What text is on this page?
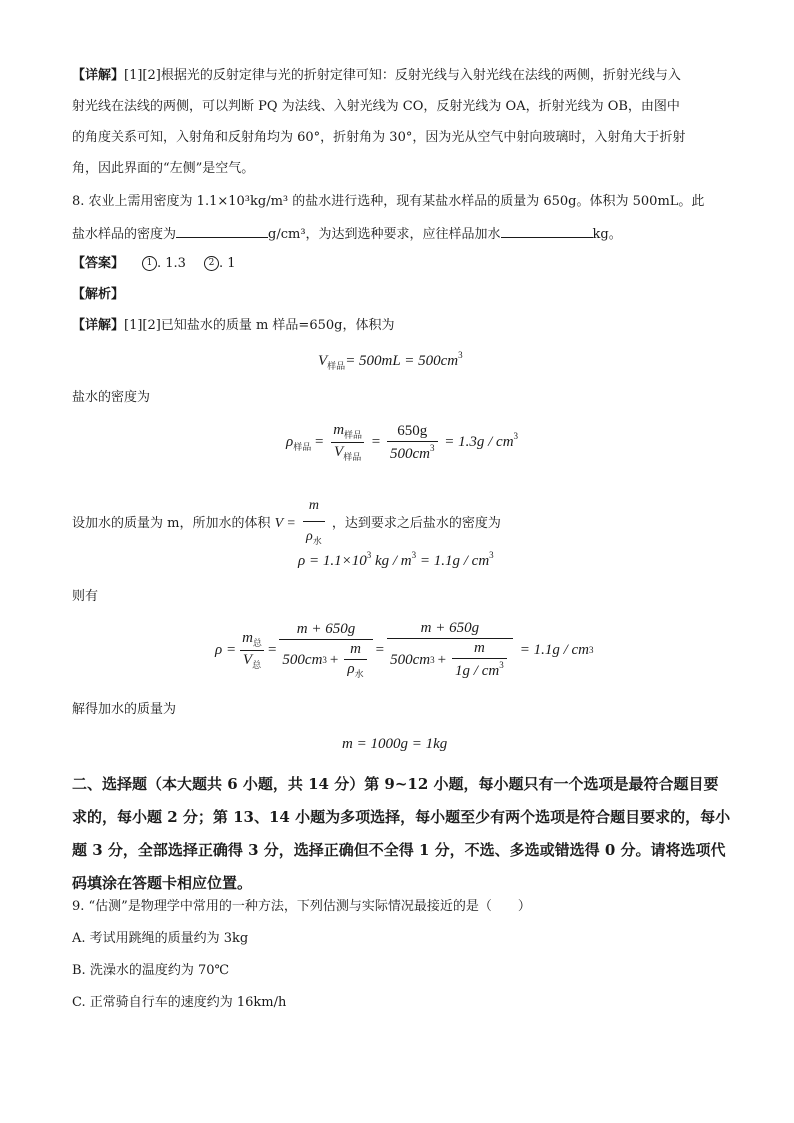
【详解】[1][2]根据光的反射定律与光的折射定律可知：反射光线与入射光线在法线的两侧，折射光线与入
射光线在法线的两侧，可以判断 PQ 为法线、入射光线为 CO，反射光线为 OA，折射光线为 OB，由图中
的角度关系可知，入射角和反射角均为 60°，折射角为 30°，因为光从空气中射向玻璃时，入射角大于折射
角，因此界面的“左侧”是空气。
8. 农业上需用密度为 1.1×10³kg/m³ 的盐水进行选种，现有某盐水样品的质量为 650g。体积为 500mL。此
盐水样品的密度为	g/cm³，为达到选种要求，应往样品加水	kg。
【答案】	1 . 1.3	2 . 1
【解析】
【详解】[1][2]已知盐水的质量 m 样品=650g，体积为
$V_{样品}= 500mL = 500cm^3$
盐水的密度为
$\rho_{样品} = \frac{m_{样品}}{V_{样品}} = \frac{650g}{500cm^3} = 1.3g / cm^3$
设加水的质量为 m，所加水的体积 $V = \frac{m}{\rho_水}$ ，达到要求之后盐水的密度为
$\rho = 1.1\times 10^3$ kg / $m^3 = 1.1g / cm^3$
则有
$\rho = \frac{m_总}{V_总} = \frac{m + 650g}{500cm 3 + \frac{m}{\rho_水}} = \frac{m + 650g}{500cm 3 + \frac{m}{1g / cm^3}} = 1.1g$ / cm 3
解得加水的质量为
m = 1000g = 1kg
二、选择题（本大题共 6 小题，共 14 分）第 9~12 小题，每小题只有一个选项是最符合题目要求的，每小题 2 分；第 13、14 小题为多项选择，每小题至少有两个选项是符合题目要求的，每小题 3 分，全部选择正确得 3 分，选择正确但不全得 1 分，不选、多选或错选得 0 分。请将选项代码填涂在答题卡相应位置。
9. “估测”是物理学中常用的一种方法，下列估测与实际情况最接近的是（　　）
A. 考试用跳绳的质量约为 3kg
B. 洗澡水的温度约为 70℃
C. 正常骑自行车的速度约为 16km/h
